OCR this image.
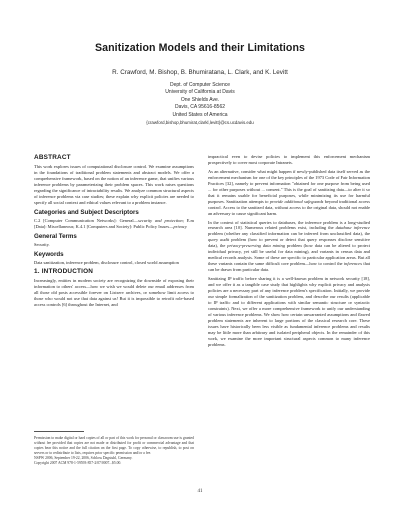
Sanitization Models and their Limitations
R. Crawford, M. Bishop, B. Bhumiratana, L. Clark, and K. Levitt
Dept. of Computer Science
University of California at Davis
One Shields Ave.
Davis, CA 95616-8562
United States of America
{crawford,bishop,bhumirat,clarkl,levitt}@cs.ucdavis.edu
ABSTRACT

This work explores issues of computational disclosure control. We examine assumptions in the foundations of traditional problem statements and abstract models. We offer a comprehensive framework, based on the notion of an inference game, that unifies various inference problems by parameterizing their problem spaces. This work raises questions regarding the significance of intractability results. We analyze common structural aspects of inference problems via case studies; these explain why explicit policies are needed to specify all social context and ethical values relevant to a problem instance.

Categories and Subject Descriptors

C.2 [Computer Communication Networks]: General—security and protection; E.m [Data]: Miscellaneous; K.4.1 [Computers and Society]: Public Policy Issues—privacy

General Terms

Security.

Keywords

Data sanitization, inference problem, disclosure control, closed world assumption

1. INTRODUCTION

Increasingly, entities in modern society are recognizing the downside of exposing their information to others' access—how we wish we would delete our email addresses from all those old posts accessible forever on Listserv archives, or somehow limit access to those who would not use that data against us! But it is impossible to retrofit role-based access controls [6] throughout the Internet, and

Permission to make digital or hard copies of all or part of this work for personal or classroom use is granted without fee provided that copies are not made or distributed for profit or commercial advantage and that copies bear this notice and the full citation on the first page. To copy otherwise, to republish, to post on servers or to redistribute to lists, requires prior specific permission and/or a fee.
NSPW 2006, September 19-22, 2006, Schloss Dagstuhl, Germany.
Copyright 2007 ACM 978-1-59593-857-2/07/0007...$5.00.

impractical even to devise policies to implement this enforcement mechanism prospectively to cover most corporate Intranets.

As an alternative, consider what might happen if newly-published data itself served as the enforcement mechanism for one of the key principles of the 1973 Code of Fair Information Practices [32], namely to prevent information "obtained for one purpose from being used ... for other purposes without ... consent." This is the goal of sanitizing data—to alter it so that it remains usable for beneficial purposes, while minimizing its use for harmful purposes. Sanitization attempts to provide additional safeguards beyond traditional access control. Access to the sanitized data, without access to the original data, should not enable an adversary to cause significant harm.

In the context of statistical queries to databases, the inference problem is a long-studied research area [10]. Numerous related problems exist, including the database inference problem (whether any classified information can be inferred from unclassified data), the query audit problem (how to prevent or detect that query responses disclose sensitive data), the privacy-preserving data mining problem (how data can be altered to protect individual privacy, yet still be useful for data mining), and variants in census data and medical records analysis. Some of these are specific to particular application areas. But all these variants contain the same difficult core problem—how to control the inferences that can be drawn from particular data.

Sanitizing IP traffic before sharing it is a well-known problem in network security [18], and we offer it as a tangible case study that highlights why explicit privacy and analysis policies are a necessary part of any inference problem's specification. Initially, we provide our simple formalization of the sanitization problem, and describe our results (applicable to IP traffic and to different applications with similar semantic structure or syntactic constraints). Next, we offer a more comprehensive framework to unify our understanding of various inference problems. We show how certain unwarranted assumptions and flawed problem statements are inherent to large portions of the classical research core. These issues have historically been less visible as fundamental inference problems and results may be little more than arbitrary and isolated peripheral objects. In the remainder of this work, we examine the more important structural aspects common to many inference problems.

41
